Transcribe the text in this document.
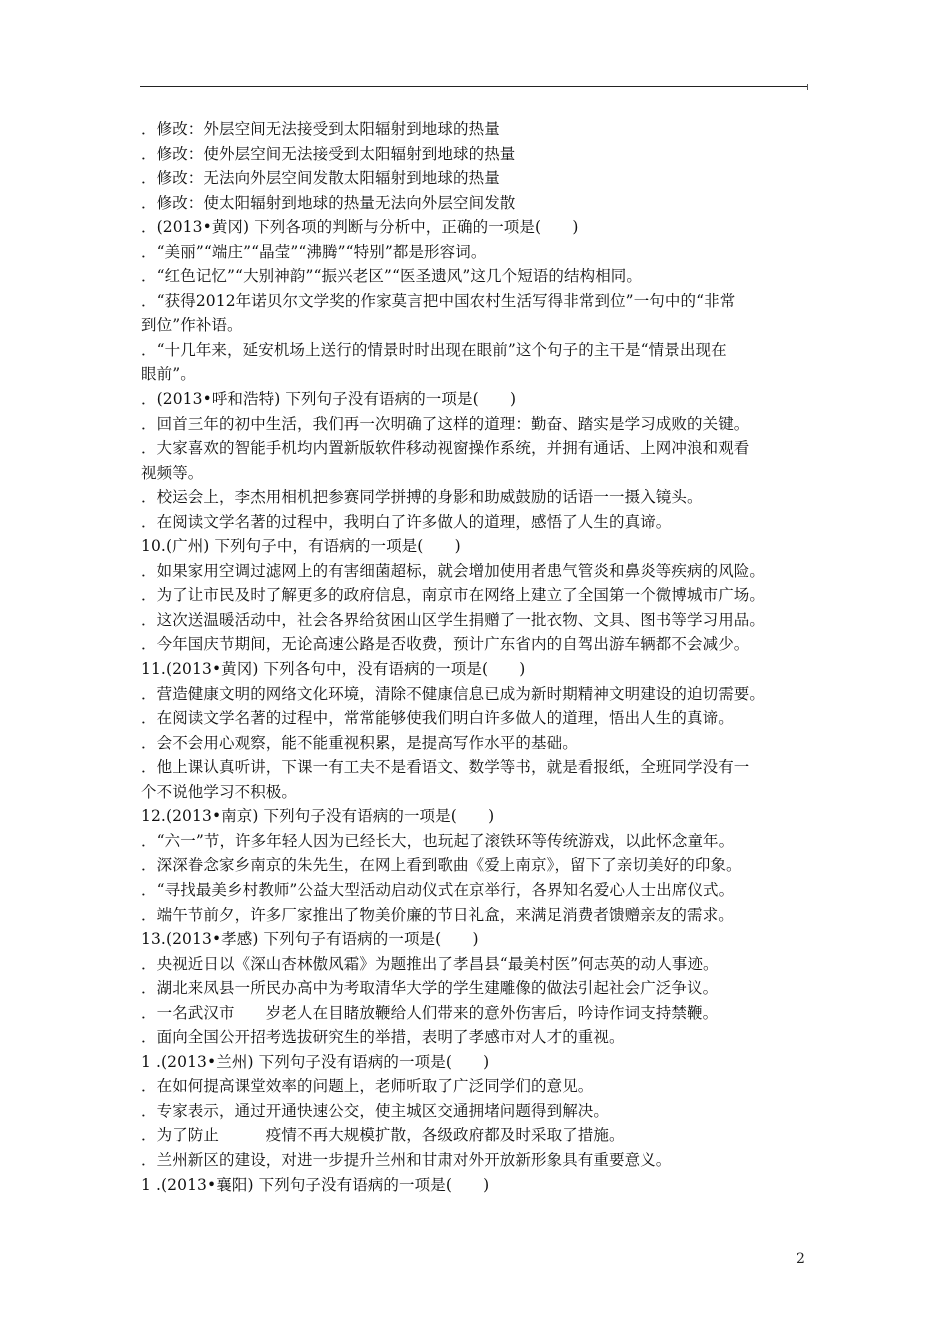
．修改：外层空间无法接受到太阳辐射到地球的热量
．修改：使外层空间无法接受到太阳辐射到地球的热量
．修改：无法向外层空间发散太阳辐射到地球的热量
．修改：使太阳辐射到地球的热量无法向外层空间发散
．(2013•黄冈) 下列各项的判断与分析中，正确的一项是(　　)
．“美丽”“端庄”“晶莹”“沸腾”“特别”都是形容词。
．“红色记忆”“大别神韵”“振兴老区”“医圣遗风”这几个短语的结构相同。
．“获得2012年诺贝尔文学奖的作家莫言把中国农村生活写得非常到位”一句中的“非常
到位”作补语。
．“十几年来，延安机场上送行的情景时时出现在眼前”这个句子的主干是“情景出现在
眼前”。
．(2013•呼和浩特) 下列句子没有语病的一项是(　　)
．回首三年的初中生活，我们再一次明确了这样的道理：勤奋、踏实是学习成败的关键。
．大家喜欢的智能手机均内置新版软件移动视窗操作系统，并拥有通话、上网冲浪和观看
视频等。
．校运会上，李杰用相机把参赛同学拼搏的身影和助威鼓励的话语一一摄入镜头。
．在阅读文学名著的过程中，我明白了许多做人的道理，感悟了人生的真谛。
10.(广州) 下列句子中，有语病的一项是(　　)
．如果家用空调过滤网上的有害细菌超标，就会增加使用者患气管炎和鼻炎等疾病的风险。
．为了让市民及时了解更多的政府信息，南京市在网络上建立了全国第一个微博城市广场。
．这次送温暖活动中，社会各界给贫困山区学生捐赠了一批衣物、文具、图书等学习用品。
．今年国庆节期间，无论高速公路是否收费，预计广东省内的自驾出游车辆都不会减少。
11.(2013•黄冈) 下列各句中，没有语病的一项是(　　)
．营造健康文明的网络文化环境，清除不健康信息已成为新时期精神文明建设的迫切需要。
．在阅读文学名著的过程中，常常能够使我们明白许多做人的道理，悟出人生的真谛。
．会不会用心观察，能不能重视积累，是提高写作水平的基础。
．他上课认真听讲，下课一有工夫不是看语文、数学等书，就是看报纸，全班同学没有一
个不说他学习不积极。
12.(2013•南京) 下列句子没有语病的一项是(　　)
．“六一”节，许多年轻人因为已经长大，也玩起了滚铁环等传统游戏，以此怀念童年。
．深深眷念家乡南京的朱先生，在网上看到歌曲《爱上南京》，留下了亲切美好的印象。
．“寻找最美乡村教师”公益大型活动启动仪式在京举行，各界知名爱心人士出席仪式。
．端午节前夕，许多厂家推出了物美价廉的节日礼盒，来满足消费者馈赠亲友的需求。
13.(2013•孝感) 下列句子有语病的一项是(　　)
．央视近日以《深山杏林傲风霜》为题推出了孝昌县“最美村医”何志英的动人事迹。
．湖北来凤县一所民办高中为考取清华大学的学生建雕像的做法引起社会广泛争议。
．一名武汉市　　岁老人在目睹放鞭给人们带来的意外伤害后，吟诗作词支持禁鞭。
．面向全国公开招考选拔研究生的举措，表明了孝感市对人才的重视。
1 .(2013•兰州) 下列句子没有语病的一项是(　　)
．在如何提高课堂效率的问题上，老师听取了广泛同学们的意见。
．专家表示，通过开通快速公交，使主城区交通拥堵问题得到解决。
．为了防止　　　疫情不再大规模扩散，各级政府都及时采取了措施。
．兰州新区的建设，对进一步提升兰州和甘肃对外开放新形象具有重要意义。
1 .(2013•襄阳) 下列句子没有语病的一项是(　　)
2
